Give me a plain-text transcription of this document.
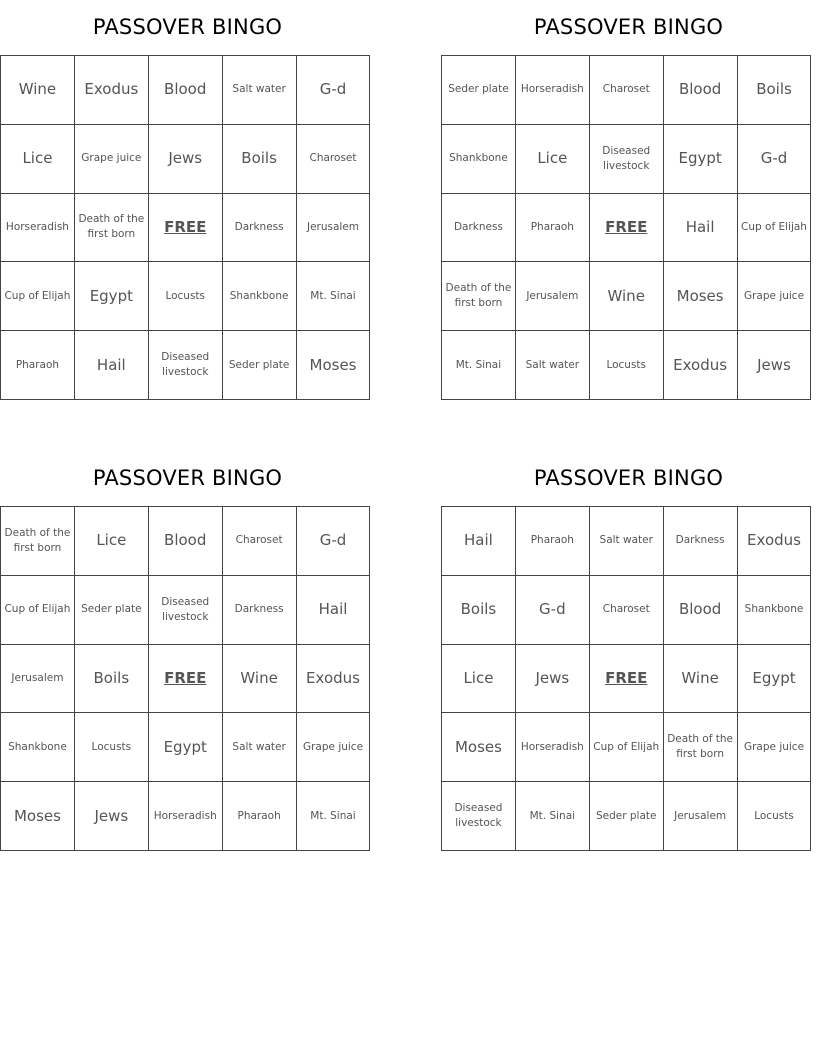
PASSOVER BINGO
Wine	Exodus	Blood	Salt water	G-d
Lice	Grape juice	Jews	Boils	Charoset
Horseradish	Death of the first born	FREE	Darkness	Jerusalem
Cup of Elijah	Egypt	Locusts	Shankbone	Mt. Sinai
Pharaoh	Hail	Diseased livestock	Seder plate	Moses
PASSOVER BINGO
Seder plate	Horseradish	Charoset	Blood	Boils
Shankbone	Lice	Diseased livestock	Egypt	G-d
Darkness	Pharaoh	FREE	Hail	Cup of Elijah
Death of the first born	Jerusalem	Wine	Moses	Grape juice
Mt. Sinai	Salt water	Locusts	Exodus	Jews
PASSOVER BINGO
Death of the first born	Lice	Blood	Charoset	G-d
Cup of Elijah	Seder plate	Diseased livestock	Darkness	Hail
Jerusalem	Boils	FREE	Wine	Exodus
Shankbone	Locusts	Egypt	Salt water	Grape juice
Moses	Jews	Horseradish	Pharaoh	Mt. Sinai
PASSOVER BINGO
Hail	Pharaoh	Salt water	Darkness	Exodus
Boils	G-d	Charoset	Blood	Shankbone
Lice	Jews	FREE	Wine	Egypt
Moses	Horseradish	Cup of Elijah	Death of the first born	Grape juice
Diseased livestock	Mt. Sinai	Seder plate	Jerusalem	Locusts
